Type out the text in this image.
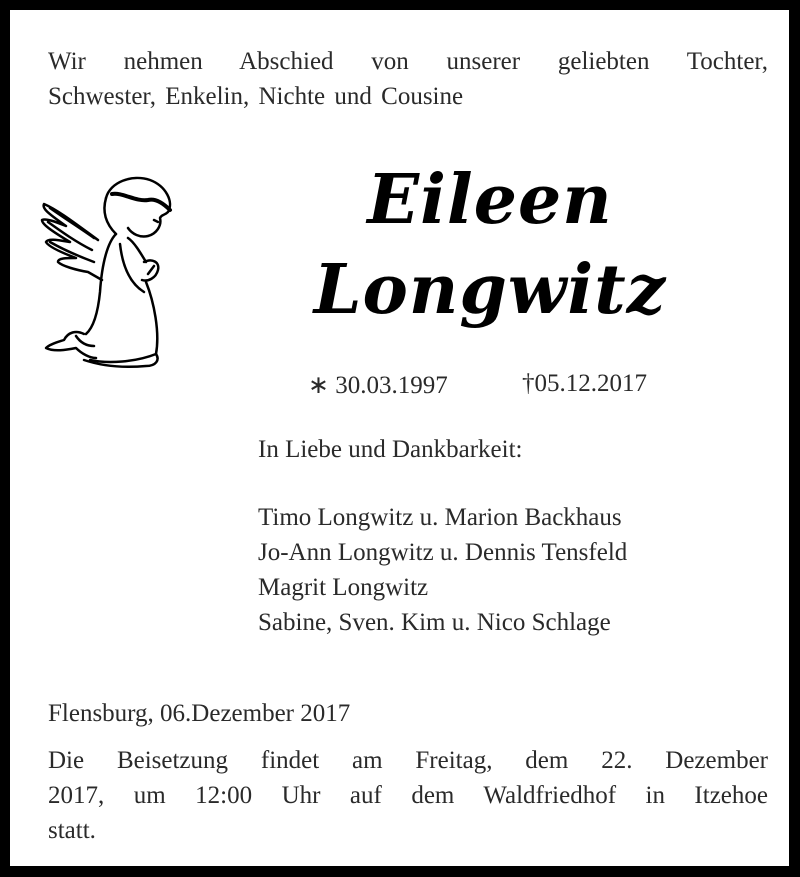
Wir nehmen Abschied von unserer geliebten Tochter,
Schwester, Enkelin, Nichte und Cousine
Eileen
Longwitz
∗ 30.03.1997	†05.12.2017
In Liebe und Dankbarkeit:
Timo Longwitz u. Marion Backhaus
Jo-Ann Longwitz u. Dennis Tensfeld
Magrit Longwitz
Sabine, Sven. Kim u. Nico Schlage
Flensburg, 06.Dezember 2017
Die Beisetzung findet am Freitag, dem 22. Dezember
2017, um 12:00 Uhr auf dem Waldfriedhof in Itzehoe
statt.
